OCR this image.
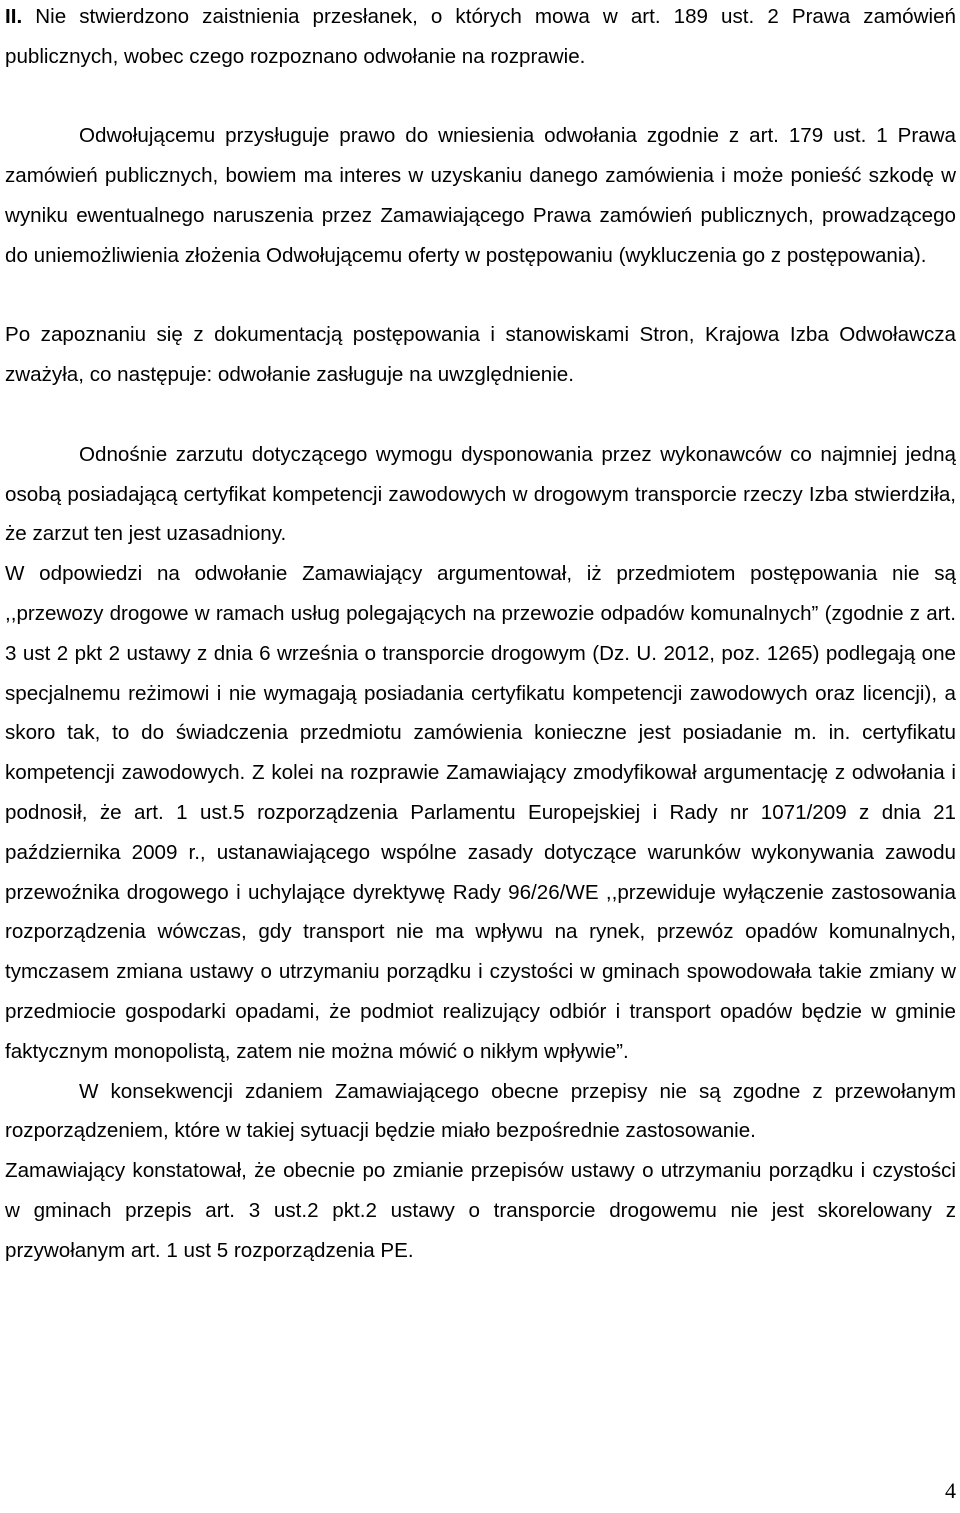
II. Nie stwierdzono zaistnienia przesłanek, o których mowa w art. 189 ust. 2 Prawa zamówień publicznych, wobec czego rozpoznano odwołanie na rozprawie.

Odwołującemu przysługuje prawo do wniesienia odwołania zgodnie z art. 179 ust. 1 Prawa zamówień publicznych, bowiem ma interes w uzyskaniu danego zamówienia i może ponieść szkodę w wyniku ewentualnego naruszenia przez Zamawiającego Prawa zamówień publicznych, prowadzącego do uniemożliwienia złożenia Odwołującemu oferty w postępowaniu (wykluczenia go z postępowania).

Po zapoznaniu się z dokumentacją postępowania i stanowiskami Stron, Krajowa Izba Odwoławcza zważyła, co następuje: odwołanie zasługuje na uwzględnienie.

Odnośnie zarzutu dotyczącego wymogu dysponowania przez wykonawców co najmniej jedną osobą posiadającą certyfikat kompetencji zawodowych w drogowym transporcie rzeczy Izba stwierdziła, że zarzut ten jest uzasadniony.

W odpowiedzi na odwołanie Zamawiający argumentował, iż przedmiotem postępowania nie są ,,przewozy drogowe w ramach usług polegających na przewozie odpadów komunalnych” (zgodnie z art. 3 ust 2 pkt 2 ustawy z dnia 6 września o transporcie drogowym (Dz. U. 2012, poz. 1265) podlegają one specjalnemu reżimowi i nie wymagają posiadania certyfikatu kompetencji zawodowych oraz licencji), a skoro tak, to do świadczenia przedmiotu zamówienia konieczne jest posiadanie m. in. certyfikatu kompetencji zawodowych. Z kolei na rozprawie Zamawiający zmodyfikował argumentację z odwołania i podnosił, że art. 1 ust.5 rozporządzenia Parlamentu Europejskiej i Rady nr 1071/209 z dnia 21 października 2009 r., ustanawiającego wspólne zasady dotyczące warunków wykonywania zawodu przewoźnika drogowego i uchylające dyrektywę Rady 96/26/WE ,,przewiduje wyłączenie zastosowania rozporządzenia wówczas, gdy transport nie ma wpływu na rynek, przewóz opadów komunalnych, tymczasem zmiana ustawy o utrzymaniu porządku i czystości w gminach spowodowała takie zmiany w przedmiocie gospodarki opadami, że podmiot realizujący odbiór i transport opadów będzie w gminie faktycznym monopolistą, zatem nie można mówić o nikłym wpływie”.

W konsekwencji zdaniem Zamawiającego obecne przepisy nie są zgodne z przewołanym rozporządzeniem, które w takiej sytuacji będzie miało bezpośrednie zastosowanie.

Zamawiający konstatował, że obecnie po zmianie przepisów ustawy o utrzymaniu porządku i czystości w gminach przepis art. 3 ust.2 pkt.2 ustawy o transporcie drogowemu nie jest skorelowany z przywołanym art. 1 ust 5 rozporządzenia PE.

4
